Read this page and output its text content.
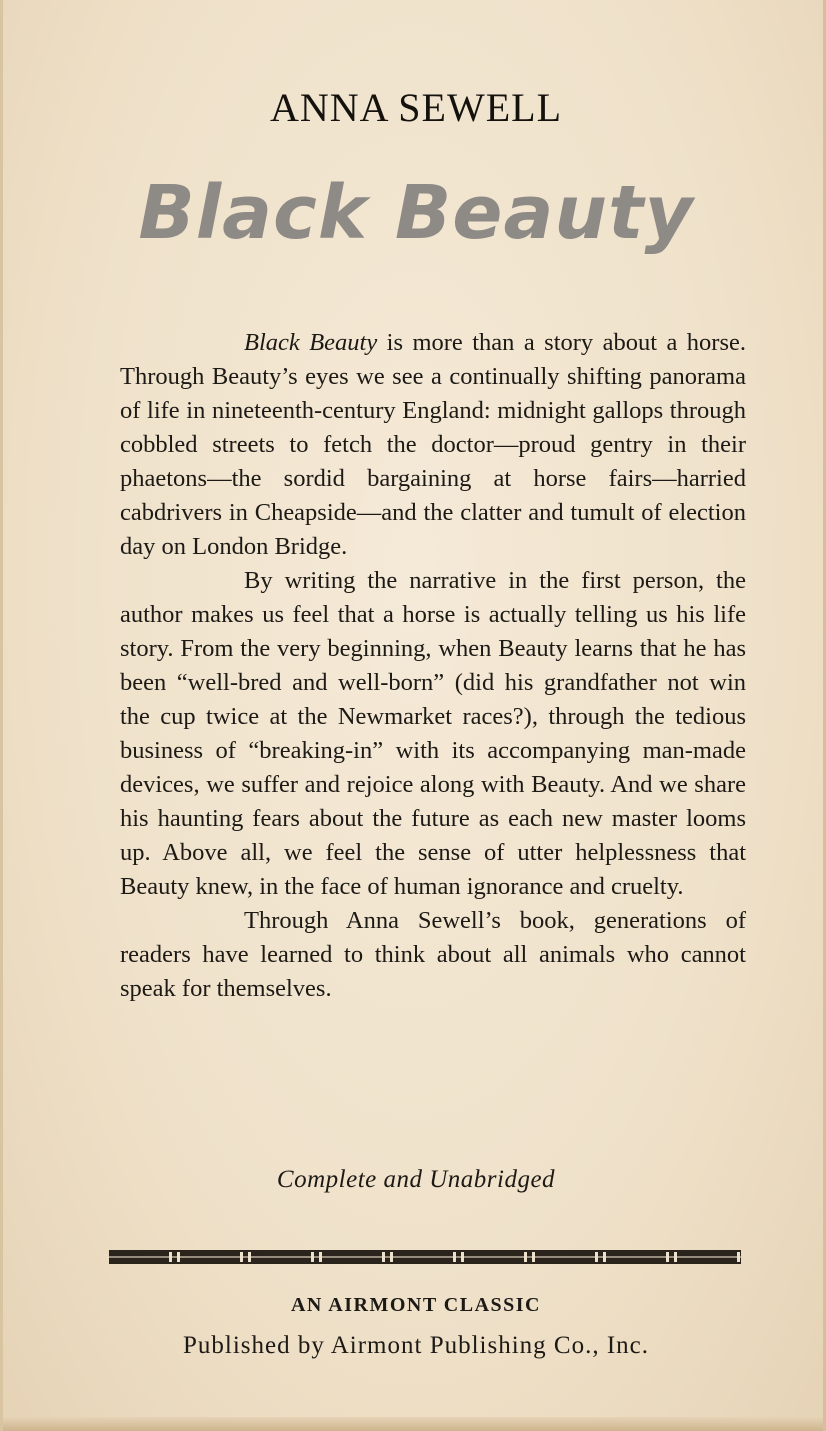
ANNA SEWELL
Black Beauty

Black Beauty is more than a story about a horse. Through Beauty’s eyes we see a continually shifting panorama of life in nineteenth-century England: midnight gallops through cobbled streets to fetch the doctor—proud gentry in their phaetons—the sordid bargaining at horse fairs—harried cabdrivers in Cheapside—and the clatter and tumult of election day on London Bridge.

By writing the narrative in the first person, the author makes us feel that a horse is actually telling us his life story. From the very beginning, when Beauty learns that he has been “well-bred and well-born” (did his grandfather not win the cup twice at the Newmarket races?), through the tedious business of “breaking-in” with its accompanying man-made devices, we suffer and rejoice along with Beauty. And we share his haunting fears about the future as each new master looms up. Above all, we feel the sense of utter helplessness that Beauty knew, in the face of human ignorance and cruelty.

Through Anna Sewell’s book, generations of readers have learned to think about all animals who cannot speak for themselves.

Complete and Unabridged
AN AIRMONT CLASSIC
Published by Airmont Publishing Co., Inc.
